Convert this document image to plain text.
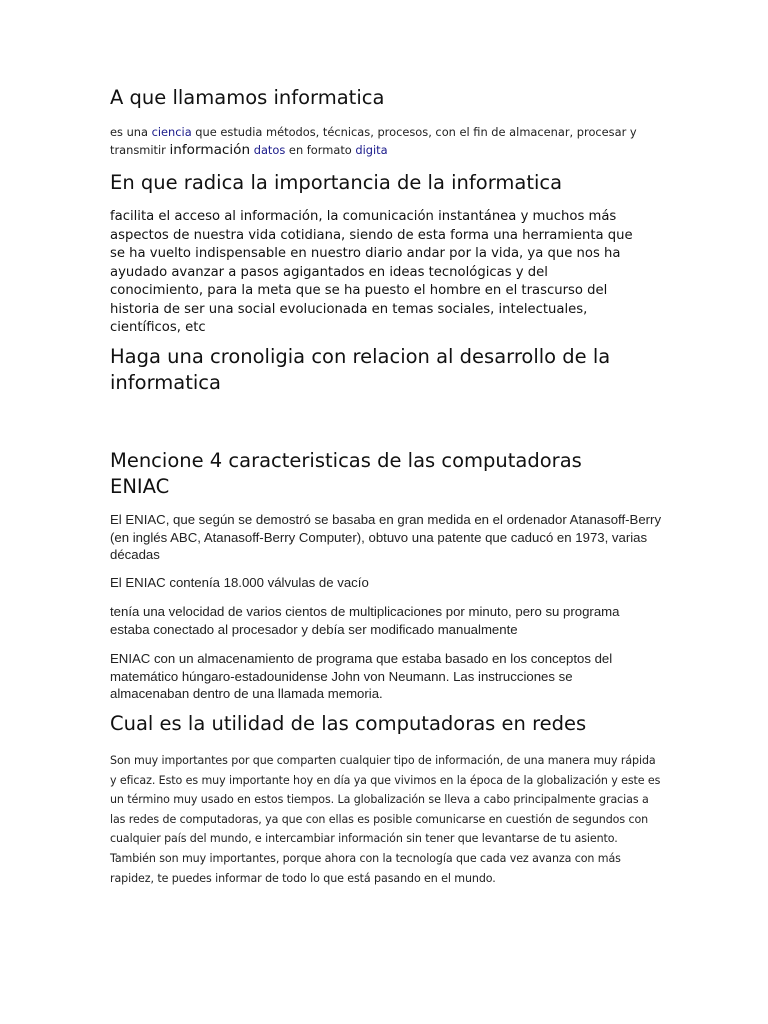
A que llamamos informatica

es una ciencia que estudia métodos, técnicas, procesos, con el fin de almacenar, procesar y transmitir información datos en formato digita

En que radica la importancia de la informatica

facilita el acceso al información, la comunicación instantánea y muchos más aspectos de nuestra vida cotidiana, siendo de esta forma una herramienta que se ha vuelto indispensable en nuestro diario andar por la vida, ya que nos ha ayudado avanzar a pasos agigantados en ideas tecnológicas y del conocimiento, para la meta que se ha puesto el hombre en el trascurso del historia de ser una social evolucionada en temas sociales, intelectuales, científicos, etc

Haga una cronoligia con relacion al desarrollo de la informatica
Mencione 4 caracteristicas de las computadoras ENIAC

El ENIAC, que según se demostró se basaba en gran medida en el ordenador Atanasoff-Berry (en inglés ABC, Atanasoff-Berry Computer), obtuvo una patente que caducó en 1973, varias décadas

El ENIAC contenía 18.000 válvulas de vacío

tenía una velocidad de varios cientos de multiplicaciones por minuto, pero su programa estaba conectado al procesador y debía ser modificado manualmente

ENIAC con un almacenamiento de programa que estaba basado en los conceptos del matemático húngaro-estadounidense John von Neumann. Las instrucciones se almacenaban dentro de una llamada memoria.

Cual es la utilidad de las computadoras en redes

Son muy importantes por que comparten cualquier tipo de información, de una manera muy rápida y eficaz. Esto es muy importante hoy en día ya que vivimos en la época de la globalización y este es un término muy usado en estos tiempos. La globalización se lleva a cabo principalmente gracias a las redes de computadoras, ya que con ellas es posible comunicarse en cuestión de segundos con cualquier país del mundo, e intercambiar información sin tener que levantarse de tu asiento. También son muy importantes, porque ahora con la tecnología que cada vez avanza con más rapidez, te puedes informar de todo lo que está pasando en el mundo.
